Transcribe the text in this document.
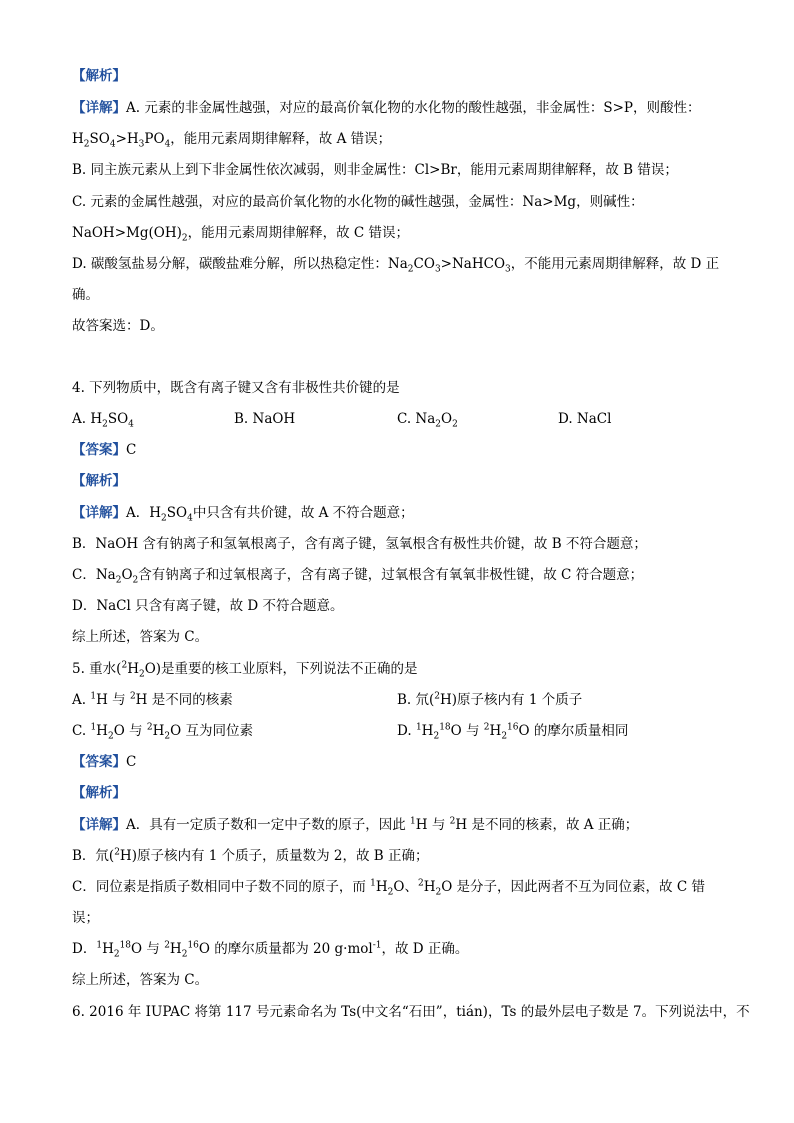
【解析】
【详解】A. 元素的非金属性越强，对应的最高价氧化物的水化物的酸性越强，非金属性：S>P，则酸性：
$H_2SO_4>H_3PO_4$，能用元素周期律解释，故 A 错误；
B. 同主族元素从上到下非金属性依次减弱，则非金属性：Cl>Br，能用元素周期律解释，故 B 错误；
C. 元素的金属性越强，对应的最高价氧化物的水化物的碱性越强，金属性：Na>Mg，则碱性：
$NaOH>Mg(OH)_2$，能用元素周期律解释，故 C 错误；
D. 碳酸氢盐易分解，碳酸盐难分解，所以热稳定性：$Na_2CO_3>NaHCO_3$，不能用元素周期律解释，故 D 正
确。
故答案选：D。
4. 下列物质中，既含有离子键又含有非极性共价键的是
A. $H_2SO_4$	B. NaOH	C. $Na_2O_2$	D. NaCl
【答案】C
【解析】
【详解】A．$H_2SO_4$中只含有共价键，故 A 不符合题意；
B．NaOH 含有钠离子和氢氧根离子，含有离子键，氢氧根含有极性共价键，故 B 不符合题意；
C．$Na_2O_2$含有钠离子和过氧根离子，含有离子键，过氧根含有氧氧非极性键，故 C 符合题意；
D．NaCl 只含有离子键，故 D 不符合题意。
综上所述，答案为 C。
5. 重水$(^2H_2O)$是重要的核工业原料，下列说法不正确的是
A. $^1$H 与 $^2$H 是不同的核素	B. 氘($^2$H)原子核内有 1 个质子
C. $^1H_2O$ 与 $^2H_2O$ 互为同位素	D. $^1H_2^{18}O$ 与 $^2H_2^{16}O$ 的摩尔质量相同
【答案】C
【解析】
【详解】A．具有一定质子数和一定中子数的原子，因此 $^1$H 与 $^2$H 是不同的核素，故 A 正确；
B．氘($^2$H)原子核内有 1 个质子，质量数为 2，故 B 正确；
C．同位素是指质子数相同中子数不同的原子，而 $^1H_2O$、$^2H_2O$ 是分子，因此两者不互为同位素，故 C 错
误；
D．$^1H_2^{18}O$ 与 $^2H_2^{16}O$ 的摩尔质量都为 20 g·mol$^{-1}$，故 D 正确。
综上所述，答案为 C。
6. 2016 年 IUPAC 将第 117 号元素命名为 Ts(中文名“石田”，tián)，Ts 的最外层电子数是 7。下列说法中，不
